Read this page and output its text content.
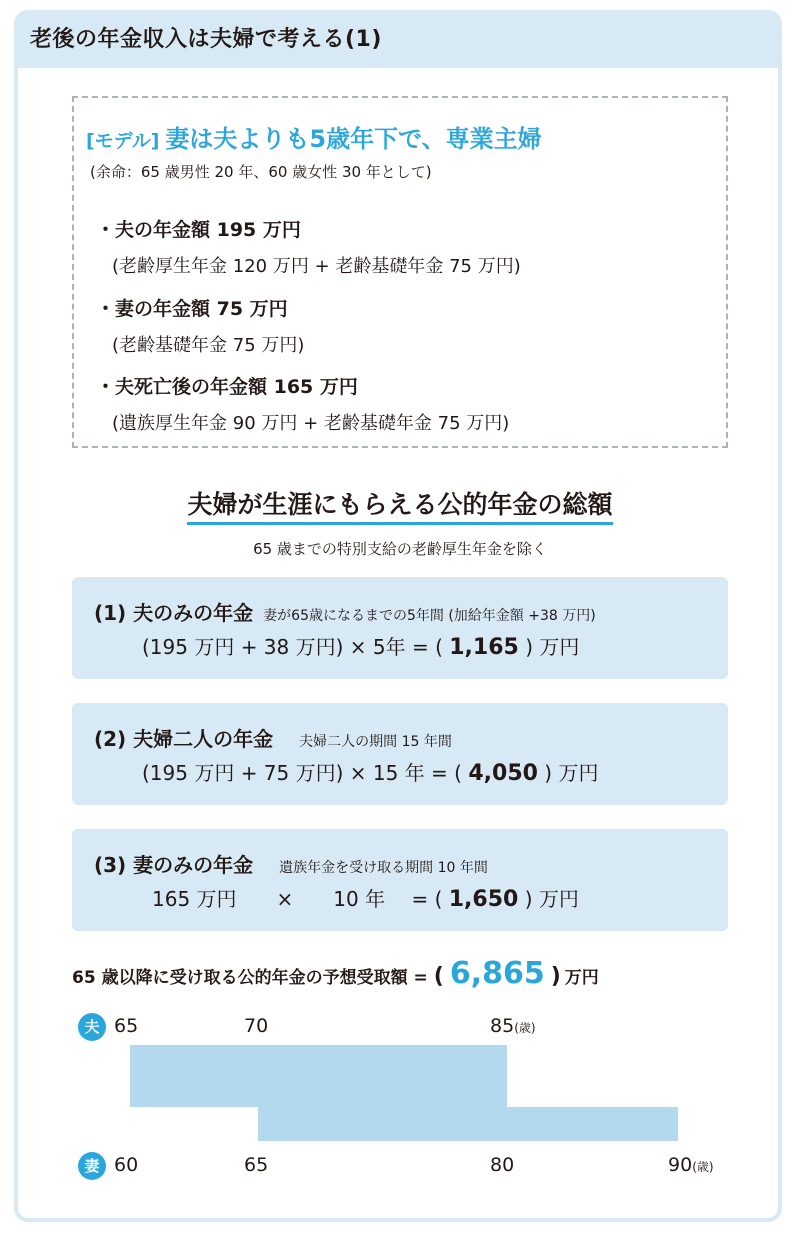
老後の年金収入は夫婦で考える(1)
[モデル] 妻は夫よりも5歳年下で、専業主婦
(余命：65 歳男性 20 年、60 歳女性 30 年として)
・夫の年金額 195 万円
(老齢厚生年金 120 万円 + 老齢基礎年金 75 万円)
・妻の年金額 75 万円
(老齢基礎年金 75 万円)
・夫死亡後の年金額 165 万円
(遺族厚生年金 90 万円 + 老齢基礎年金 75 万円)
夫婦が生涯にもらえる公的年金の総額
65 歳までの特別支給の老齢厚生年金を除く
(1) 夫のみの年金 妻が65歳になるまでの5年間 (加給年金額 +38 万円)
(195 万円 + 38 万円) × 5年 = ( 1,165 ) 万円
(2) 夫婦二人の年金 夫婦二人の期間 15 年間
(195 万円 + 75 万円) × 15 年 = ( 4,050 ) 万円
(3) 妻のみの年金 遺族年金を受け取る期間 10 年間
165 万円　　×　　10 年　 = ( 1,650 ) 万円
65 歳以降に受け取る公的年金の予想受取額 = ( 6,865 ) 万円
夫 65	70	85(歳)
妻 60	65	80	90(歳)
